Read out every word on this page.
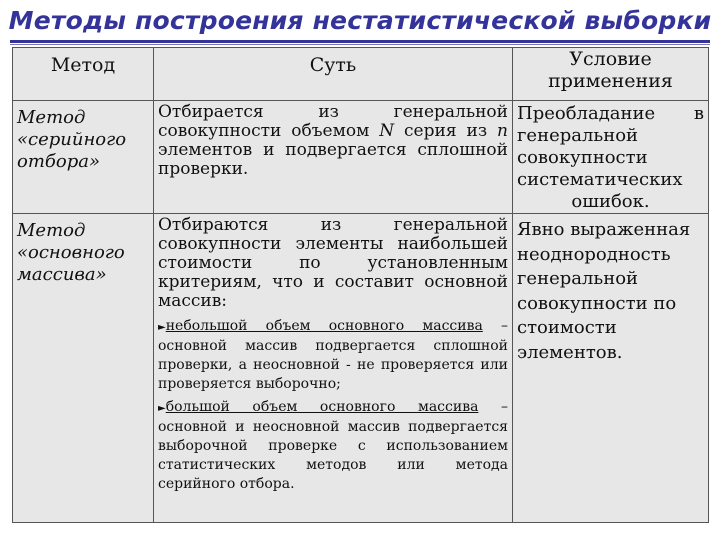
Методы построения нестатистической выборки
Метод	Суть	Условие
применения

Метод «серийного отбора»	Отбирается из генеральной совокупности объемом N серия из n элементов и подвергается сплошной проверки.	Преобладание в генеральной совокупности систематических
ошибок.

Метод «основного массива»	Отбираются из генеральной совокупности элементы наибольшей стоимости по установленным критериям, что и составит основной массив:

►небольшой объем основного массива – основной массив подвергается сплошной проверки, а неосновной - не проверяется или проверяется выборочно;

►большой объем основного массива – основной и неосновной массив подвергается выборочной проверке с использованием статистических методов или метода серийного отбора.	Явно выраженная неоднородность генеральной совокупности по стоимости элементов.
